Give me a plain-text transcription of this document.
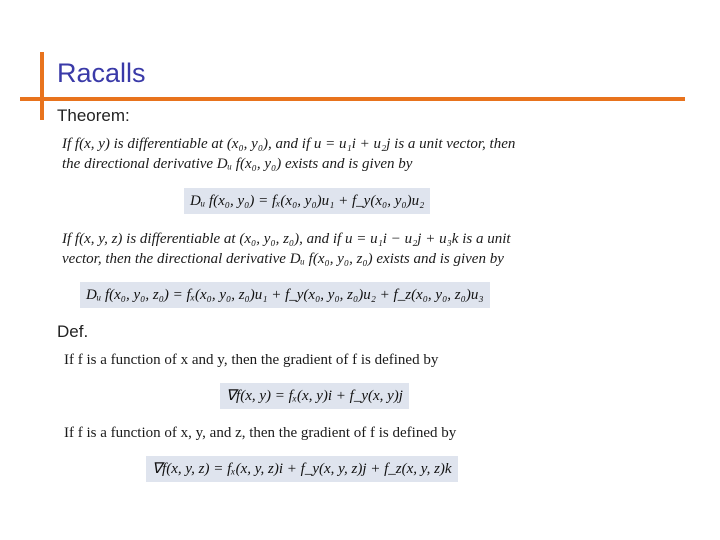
Racalls
Theorem:
If f(x, y) is differentiable at (x₀, y₀), and if u = u₁i + u₂j is a unit vector, then
the directional derivative Dᵤ f(x₀, y₀) exists and is given by
Dᵤ f(x₀, y₀) = fₓ(x₀, y₀)u₁ + f_y(x₀, y₀)u₂
If f(x, y, z) is differentiable at (x₀, y₀, z₀), and if u = u₁i − u₂j + u₃k is a unit
vector, then the directional derivative Dᵤ f(x₀, y₀, z₀) exists and is given by
Dᵤ f(x₀, y₀, z₀) = fₓ(x₀, y₀, z₀)u₁ + f_y(x₀, y₀, z₀)u₂ + f_z(x₀, y₀, z₀)u₃
Def.
If f is a function of x and y, then the gradient of f is defined by
∇f(x, y) = fₓ(x, y)i + f_y(x, y)j
If f is a function of x, y, and z, then the gradient of f is defined by
∇f(x, y, z) = fₓ(x, y, z)i + f_y(x, y, z)j + f_z(x, y, z)k
